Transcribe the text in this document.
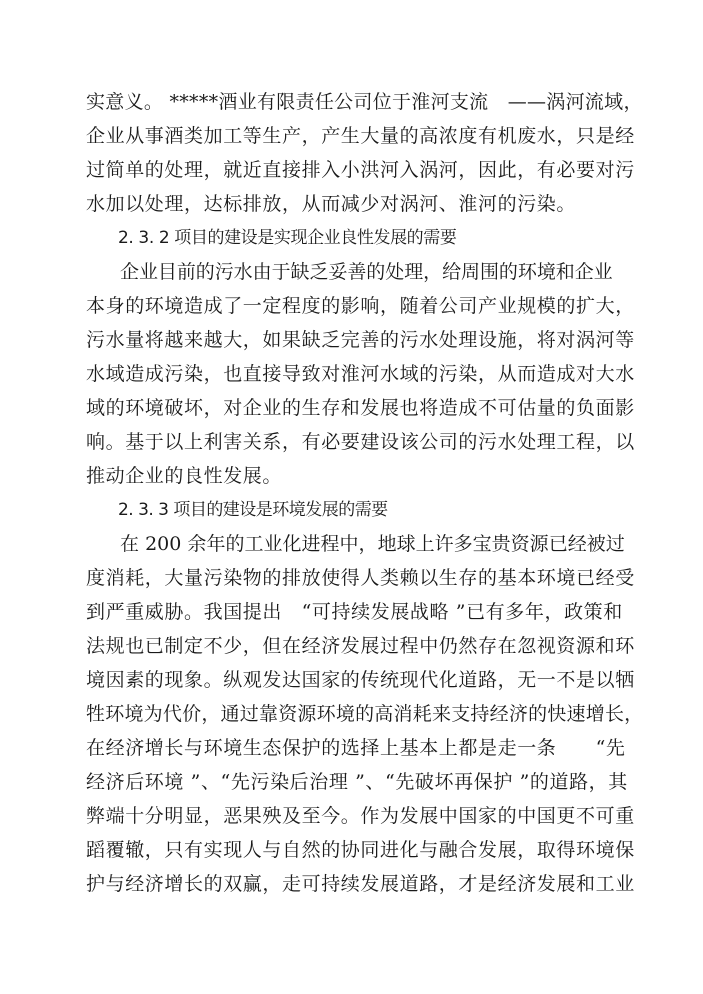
实意义。 *****酒业有限责任公司位于淮河支流　——涡河流域，
企业从事酒类加工等生产，产生大量的高浓度有机废水，只是经
过简单的处理，就近直接排入小洪河入涡河，因此，有必要对污
水加以处理，达标排放，从而减少对涡河、淮河的污染。
2. 3. 2 项目的建设是实现企业良性发展的需要
企业目前的污水由于缺乏妥善的处理，给周围的环境和企业
本身的环境造成了一定程度的影响，随着公司产业规模的扩大，
污水量将越来越大，如果缺乏完善的污水处理设施，将对涡河等
水域造成污染，也直接导致对淮河水域的污染，从而造成对大水
域的环境破坏，对企业的生存和发展也将造成不可估量的负面影
响。基于以上利害关系，有必要建设该公司的污水处理工程，以
推动企业的良性发展。
2. 3. 3 项目的建设是环境发展的需要
在 200 余年的工业化进程中，地球上许多宝贵资源已经被过
度消耗，大量污染物的排放使得人类赖以生存的基本环境已经受
到严重威胁。我国提出　“可持续发展战略 ”已有多年，政策和
法规也已制定不少，但在经济发展过程中仍然存在忽视资源和环
境因素的现象。纵观发达国家的传统现代化道路，无一不是以牺
牲环境为代价，通过靠资源环境的高消耗来支持经济的快速增长，
在经济增长与环境生态保护的选择上基本上都是走一条　　“先
经济后环境 ”、“先污染后治理 ”、“先破坏再保护 ”的道路，其
弊端十分明显，恶果殃及至今。作为发展中国家的中国更不可重
蹈覆辙，只有实现人与自然的协同进化与融合发展，取得环境保
护与经济增长的双赢，走可持续发展道路，才是经济发展和工业
